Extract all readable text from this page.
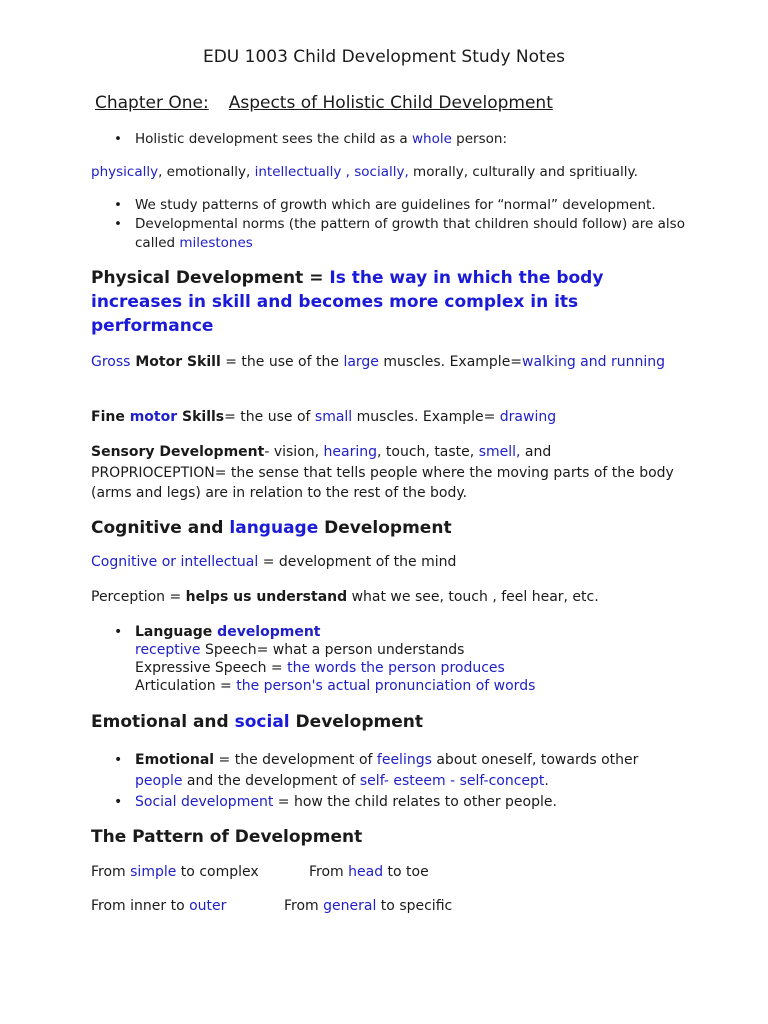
EDU 1003 Child Development Study Notes
Chapter One: Aspects of Holistic Child Development
• Holistic development sees the child as a whole person:
physically, emotionally, intellectually , socially, morally, culturally and spritiually.
• We study patterns of growth which are guidelines for “normal” development.
• Developmental norms (the pattern of growth that children should follow) are also called milestones
Physical Development = Is the way in which the body increases in skill and becomes more complex in its performance
Gross Motor Skill = the use of the large muscles. Example=walking and running
Fine motor Skills= the use of small muscles. Example= drawing
Sensory Development- vision, hearing, touch, taste, smell, and PROPRIOCEPTION= the sense that tells people where the moving parts of the body (arms and legs) are in relation to the rest of the body.
Cognitive and language Development
Cognitive or intellectual = development of the mind
Perception = helps us understand what we see, touch , feel hear, etc.
• Language development
receptive Speech= what a person understands
Expressive Speech = the words the person produces
Articulation = the person's actual pronunciation of words
Emotional and social Development
• Emotional = the development of feelings about oneself, towards other people and the development of self- esteem - self-concept.
• Social development = how the child relates to other people.
The Pattern of Development
From simple to complex	From head to toe
From inner to outer	From general to specific
